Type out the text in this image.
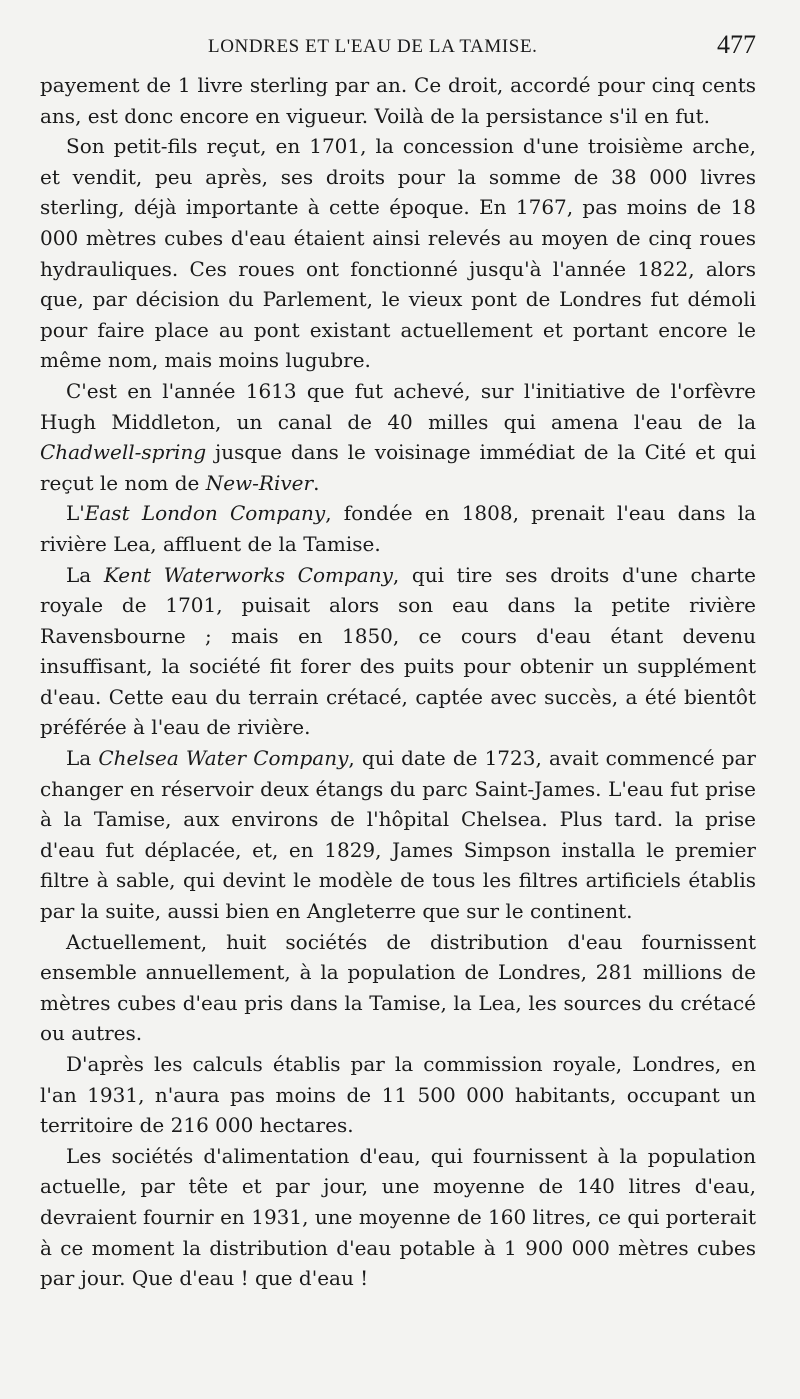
LONDRES ET L'EAU DE LA TAMISE.	477

payement de 1 livre sterling par an. Ce droit, accordé pour cinq cents ans, est donc encore en vigueur. Voilà de la persistance s'il en fut.

Son petit-fils reçut, en 1701, la concession d'une troisième arche, et vendit, peu après, ses droits pour la somme de 38 000 livres sterling, déjà importante à cette époque. En 1767, pas moins de 18 000 mètres cubes d'eau étaient ainsi relevés au moyen de cinq roues hydrauliques. Ces roues ont fonctionné jusqu'à l'année 1822, alors que, par décision du Parlement, le vieux pont de Londres fut démoli pour faire place au pont existant actuellement et portant encore le même nom, mais moins lugubre.

C'est en l'année 1613 que fut achevé, sur l'initiative de l'orfèvre Hugh Middleton, un canal de 40 milles qui amena l'eau de la Chadwell-spring jusque dans le voisinage immédiat de la Cité et qui reçut le nom de New-River.

L'East London Company, fondée en 1808, prenait l'eau dans la rivière Lea, affluent de la Tamise.

La Kent Waterworks Company, qui tire ses droits d'une charte royale de 1701, puisait alors son eau dans la petite rivière Ravensbourne ; mais en 1850, ce cours d'eau étant devenu insuffisant, la société fit forer des puits pour obtenir un supplément d'eau. Cette eau du terrain crétacé, captée avec succès, a été bientôt préférée à l'eau de rivière.

La Chelsea Water Company, qui date de 1723, avait commencé par changer en réservoir deux étangs du parc Saint-James. L'eau fut prise à la Tamise, aux environs de l'hôpital Chelsea. Plus tard. la prise d'eau fut déplacée, et, en 1829, James Simpson installa le premier filtre à sable, qui devint le modèle de tous les filtres artificiels établis par la suite, aussi bien en Angleterre que sur le continent.

Actuellement, huit sociétés de distribution d'eau fournissent ensemble annuellement, à la population de Londres, 281 millions de mètres cubes d'eau pris dans la Tamise, la Lea, les sources du crétacé ou autres.

D'après les calculs établis par la commission royale, Londres, en l'an 1931, n'aura pas moins de 11 500 000 habitants, occupant un territoire de 216 000 hectares.

Les sociétés d'alimentation d'eau, qui fournissent à la population actuelle, par tête et par jour, une moyenne de 140 litres d'eau, devraient fournir en 1931, une moyenne de 160 litres, ce qui porterait à ce moment la distribution d'eau potable à 1 900 000 mètres cubes par jour. Que d'eau ! que d'eau !
